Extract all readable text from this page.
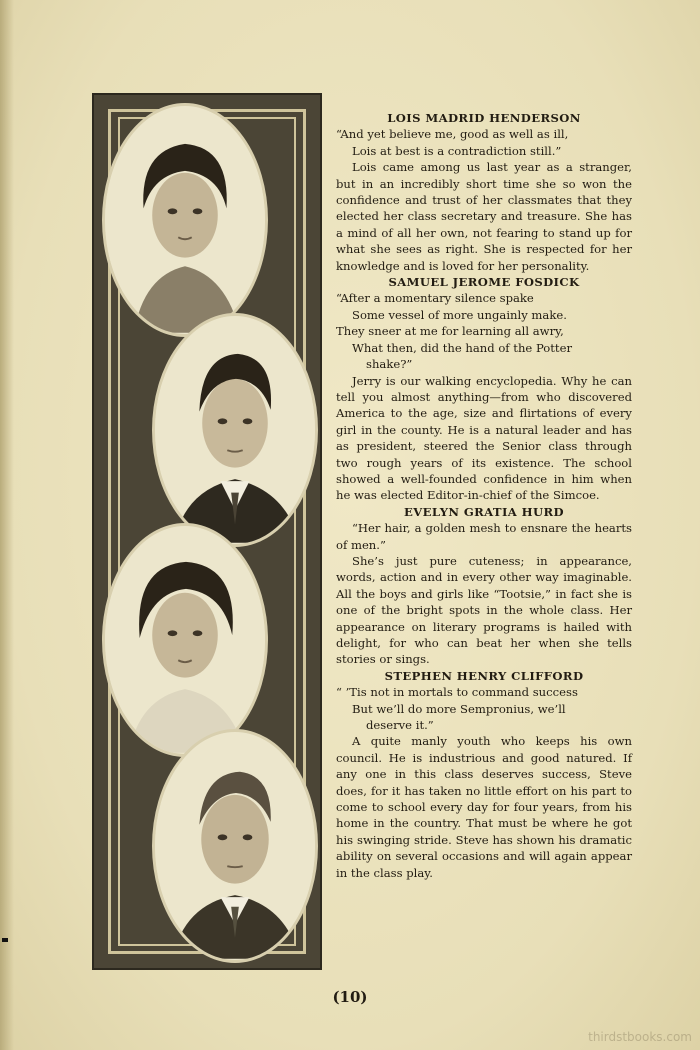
LOIS MADRID HENDERSON

“And yet believe me, good as well as ill,
Lois at best is a contradiction still.”

Lois came among us last year as a stranger, but in an incredibly short time she so won the confidence and trust of her classmates that they elected her class secretary and treasure. She has a mind of all her own, not fearing to stand up for what she sees as right. She is respected for her knowledge and is loved for her personality.

SAMUEL JEROME FOSDICK

“After a momentary silence spake
Some vessel of more ungainly make.
They sneer at me for learning all awry,
What then, did the hand of the Potter
shake?”

Jerry is our walking encyclopedia. Why he can tell you almost anything—from who discovered America to the age, size and flirtations of every girl in the county. He is a natural leader and has as president, steered the Senior class through two rough years of its existence. The school showed a well-founded confidence in him when he was elected Editor-in-chief of the Simcoe.

EVELYN GRATIA HURD

“Her hair, a golden mesh to ensnare the hearts of men.”

She’s just pure cuteness; in appearance, words, action and in every other way imaginable. All the boys and girls like “Tootsie,” in fact she is one of the bright spots in the whole class. Her appearance on literary programs is hailed with delight, for who can beat her when she tells stories or sings.

STEPHEN HENRY CLIFFORD

“ ’Tis not in mortals to command success
But we’ll do more Sempronius, we’ll
deserve it.”

A quite manly youth who keeps his own council. He is industrious and good natured. If any one in this class deserves success, Steve does, for it has taken no little effort on his part to come to school every day for four years, from his home in the country. That must be where he got his swinging stride. Steve has shown his dramatic ability on several occasions and will again appear in the class play.

(10)
thirdstbooks.com
